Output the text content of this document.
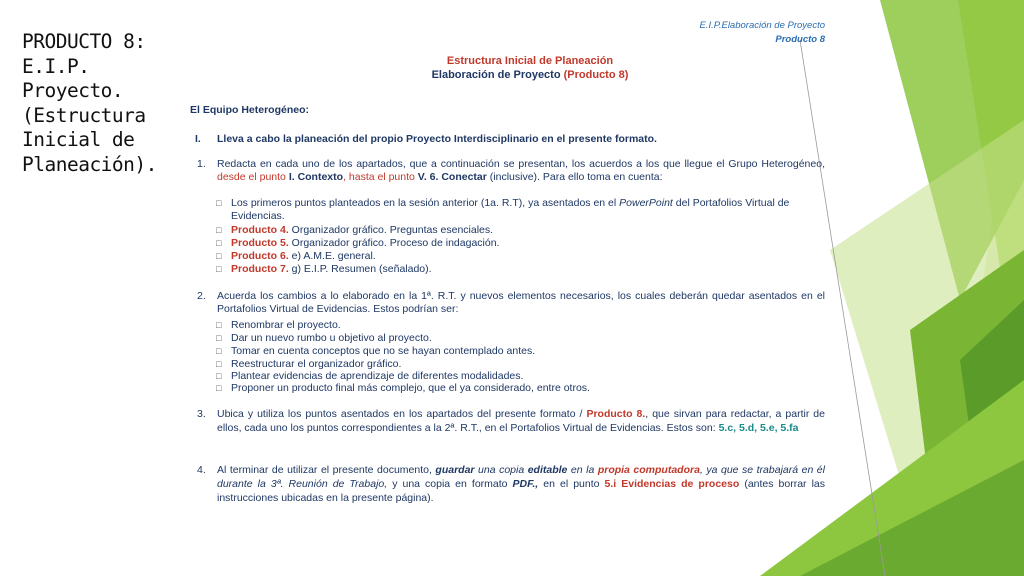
PRODUCTO 8: E.I.P. Proyecto. (Estructura Inicial de Planeación).
E.I.P.Elaboración de Proyecto
Producto 8
Estructura Inicial de Planeación
Elaboración de Proyecto (Producto 8)
El Equipo Heterogéneo:
I. Lleva a cabo la planeación del propio Proyecto Interdisciplinario en el presente formato.
1. Redacta en cada uno de los apartados, que a continuación se presentan, los acuerdos a los que llegue el Grupo Heterogéneo, desde el punto I. Contexto, hasta el punto V. 6. Conectar (inclusive). Para ello toma en cuenta:
□ Los primeros puntos planteados en la sesión anterior (1a. R.T), ya asentados en el PowerPoint del Portafolios Virtual de Evidencias.
□ Producto 4. Organizador gráfico. Preguntas esenciales.
□ Producto 5. Organizador gráfico. Proceso de indagación.
□ Producto 6. e) A.M.E. general.
□ Producto 7. g) E.I.P. Resumen (señalado).
2. Acuerda los cambios a lo elaborado en la 1ª. R.T. y nuevos elementos necesarios, los cuales deberán quedar asentados en el Portafolios Virtual de Evidencias. Estos podrían ser:
□ Renombrar el proyecto.
□ Dar un nuevo rumbo u objetivo al proyecto.
□ Tomar en cuenta conceptos que no se hayan contemplado antes.
□ Reestructurar el organizador gráfico.
□ Plantear evidencias de aprendizaje de diferentes modalidades.
□ Proponer un producto final más complejo, que el ya considerado, entre otros.
3. Ubica y utiliza los puntos asentados en los apartados del presente formato / Producto 8., que sirvan para redactar, a partir de ellos, cada uno los puntos correspondientes a la 2ª. R.T., en el Portafolios Virtual de Evidencias. Estos son: 5.c, 5.d, 5.e, 5.fa
4. Al terminar de utilizar el presente documento, guardar una copia editable en la propia computadora, ya que se trabajará en él durante la 3ª. Reunión de Trabajo, y una copia en formato PDF., en el punto 5.i Evidencias de proceso (antes borrar las instrucciones ubicadas en la presente página).
